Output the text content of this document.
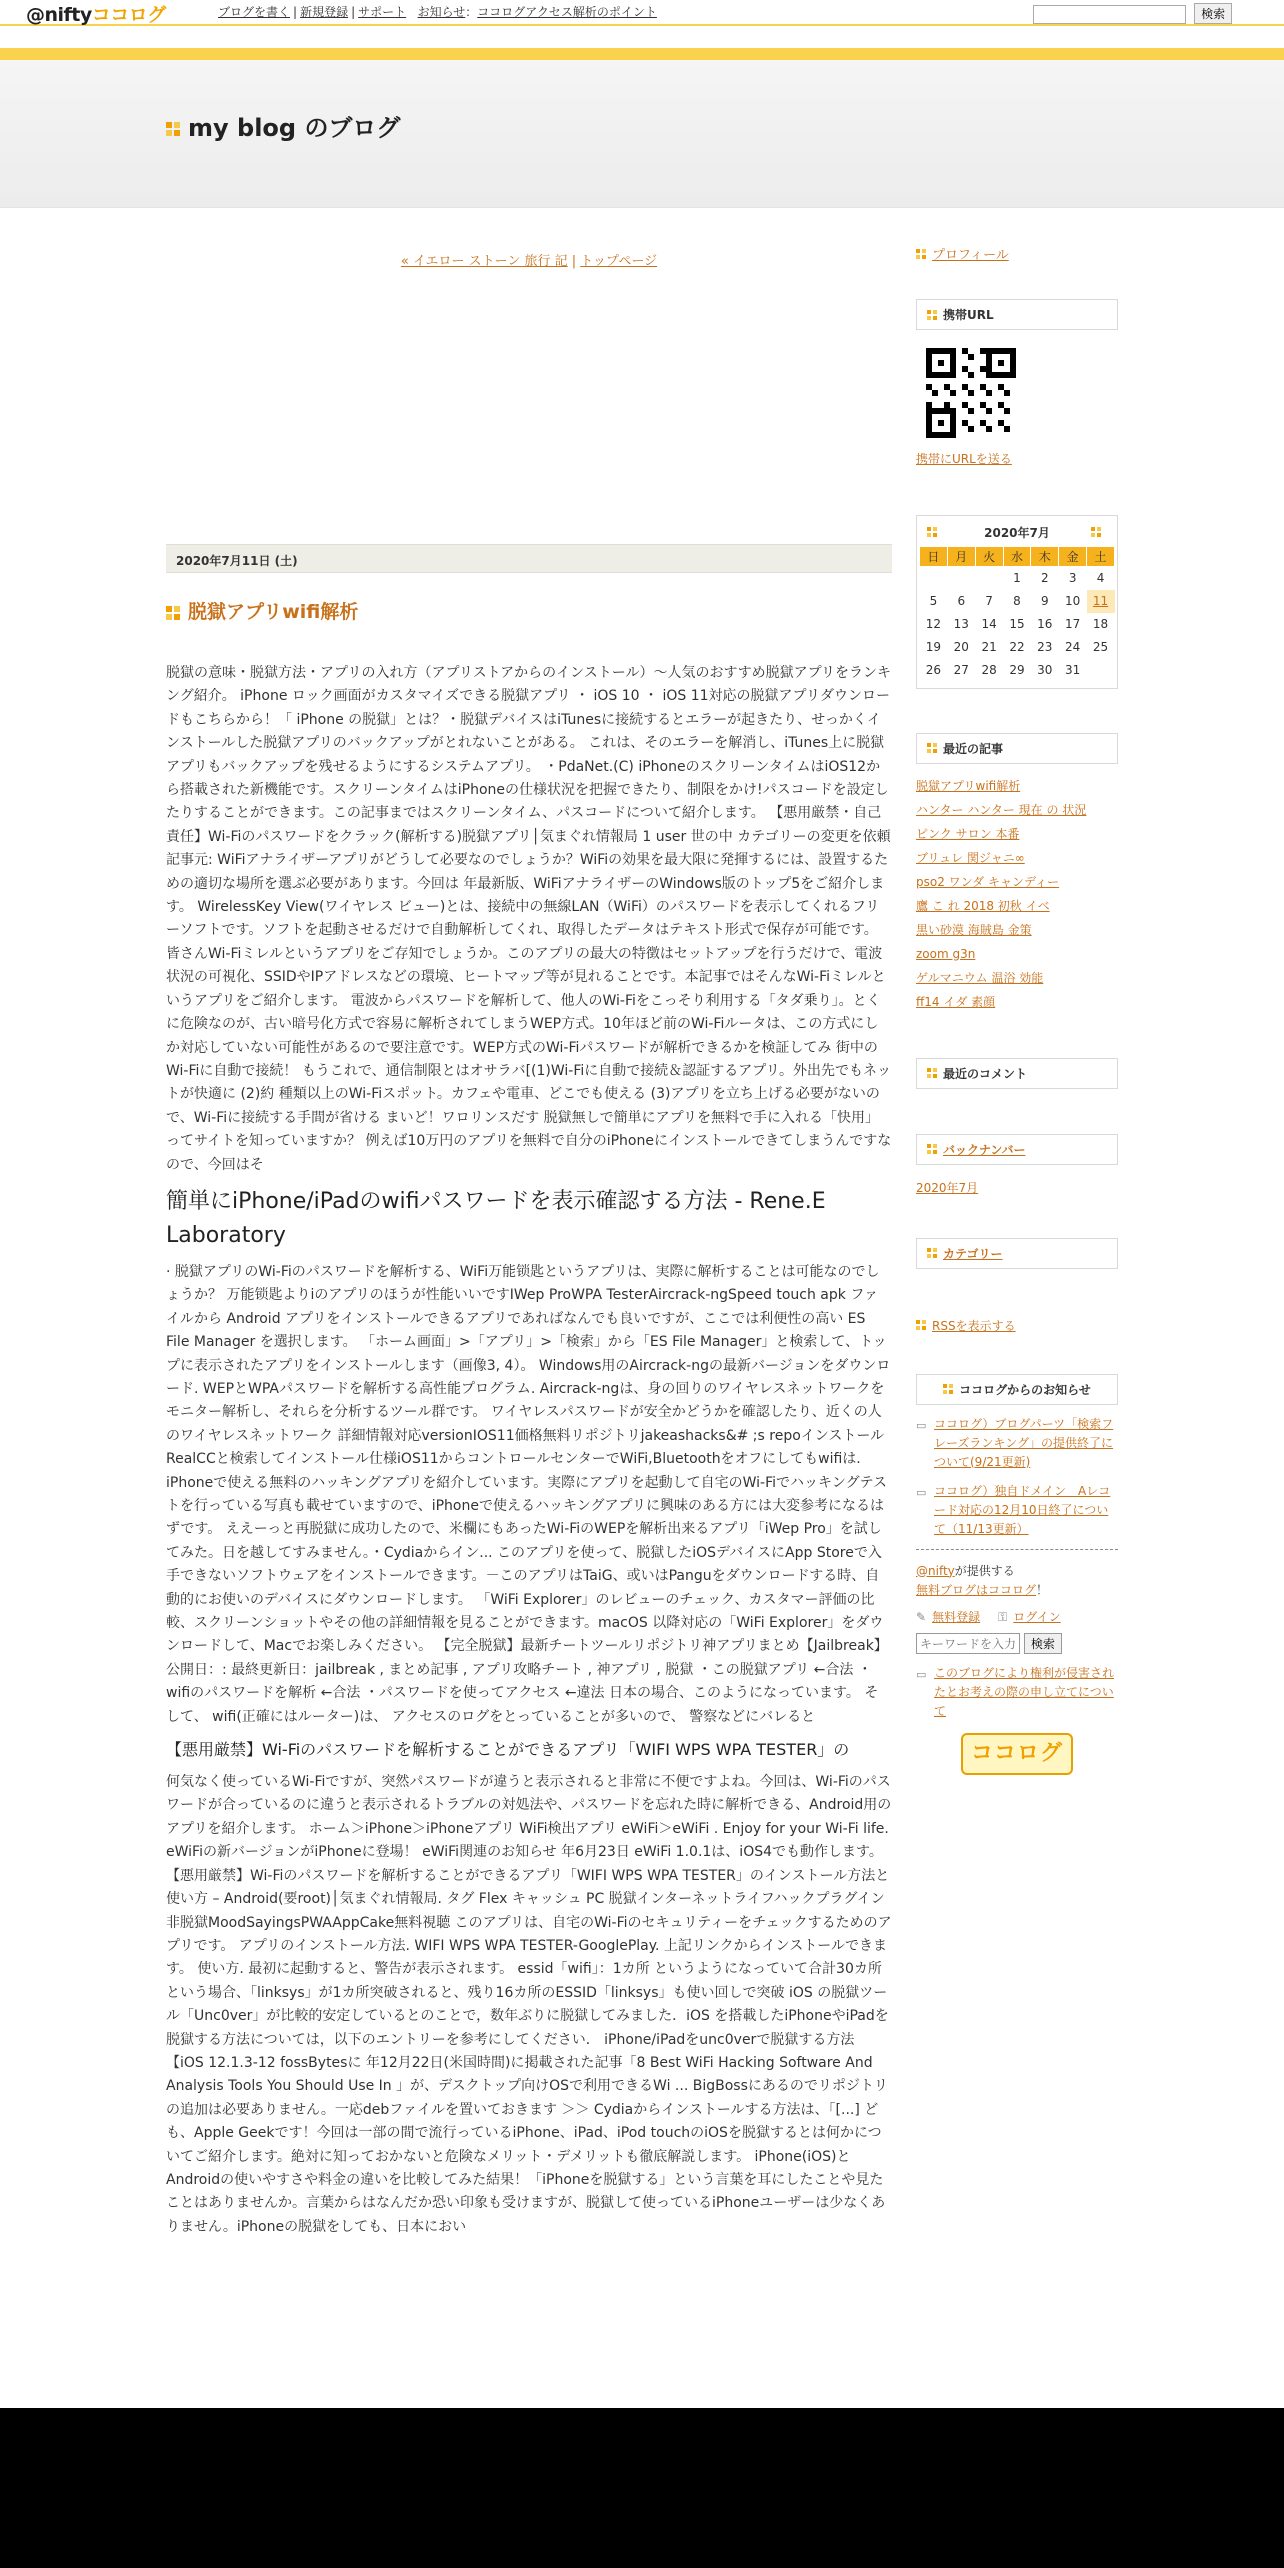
@niftyココログ	ブログを書く | 新規登録 | サポート お知らせ：ココログアクセス解析のポイント	検索
my blog のブログ
« イエロー ストーン 旅行 記 | トップページ
2020年7月11日 (土)
脱獄アプリwifi解析

脱獄の意味・脱獄方法・アプリの入れ方（アプリストアからのインストール）～人気のおすすめ脱獄アプリをランキング紹介。 iPhone ロック画面がカスタマイズできる脱獄アプリ ・ iOS 10 ・ iOS 11対応の脱獄アプリダウンロードもこちらから！「 iPhone の脱獄」とは？・脱獄デバイスはiTunesに接続するとエラーが起きたり、せっかくインストールした脱獄アプリのバックアップがとれないことがある。 これは、そのエラーを解消し、iTunes上に脱獄アプリもバックアップを残せるようにするシステムアプリ。 ・PdaNet.(C) iPhoneのスクリーンタイムはiOS12から搭載された新機能です。スクリーンタイムはiPhoneの仕様状況を把握できたり、制限をかけ!パスコードを設定したりすることができます。この記事まではスクリーンタイム、パスコードについて紹介します。 【悪用厳禁・自己責任】Wi-Fiのパスワードをクラック(解析する)脱獄アプリ│気まぐれ情報局 1 user 世の中 カテゴリーの変更を依頼 記事元: WiFiアナライザーアプリがどうして必要なのでしょうか？WiFiの効果を最大限に発揮するには、設置するための適切な場所を選ぶ必要があります。今回は 年最新版、WiFiアナライザーのWindows版のトップ5をご紹介します。 WirelessKey View(ワイヤレス ビュー)とは、接続中の無線LAN（WiFi）のパスワードを表示してくれるフリーソフトです。ソフトを起動させるだけで自動解析してくれ、取得したデータはテキスト形式で保存が可能です。 皆さんWi-Fiミレルというアプリをご存知でしょうか。このアプリの最大の特徴はセットアップを行うだけで、電波状況の可視化、SSIDやIPアドレスなどの環境、ヒートマップ等が見れることです。本記事ではそんなWi-Fiミレルというアプリをご紹介します。 電波からパスワードを解析して、他人のWi-Fiをこっそり利用する「タダ乗り」。とくに危険なのが、古い暗号化方式で容易に解析されてしまうWEP方式。10年ほど前のWi-Fiルータは、この方式にしか対応していない可能性があるので要注意です。WEP方式のWi-Fiパスワードが解析できるかを検証してみ 街中のWi-Fiに自動で接続！ もうこれで、通信制限とはオサラバ[(1)Wi-Fiに自動で接続＆認証するアプリ。外出先でもネットが快適に (2)約 種類以上のWi-Fiスポット。カフェや電車、どこでも使える (3)アプリを立ち上げる必要がないので、Wi-Fiに接続する手間が省ける まいど！ワロリンスだす 脱獄無しで簡単にアプリを無料で手に入れる「快用」ってサイトを知っていますか？ 例えば10万円のアプリを無料で自分のiPhoneにインストールできてしまうんですなので、今回はそ

簡単にiPhone/iPadのwifiパスワードを表示確認する方法 - Rene.E Laboratory

· 脱獄アプリのWi-Fiのパスワードを解析する、WiFi万能锁匙というアプリは、実際に解析することは可能なのでしょうか？ 万能锁匙よりiのアプリのほうが性能いいですIWep ProWPA TesterAircrack-ngSpeed touch apk ファイルから Android アプリをインストールできるアプリであればなんでも良いですが、ここでは利便性の高い ES File Manager を選択します。 「ホーム画面」>「アプリ」>「検索」から「ES File Manager」と検索して、トップに表示されたアプリをインストールします（画像3, 4）。 Windows用のAircrack-ngの最新バージョンをダウンロード. WEPとWPAパスワードを解析する高性能プログラム. Aircrack-ngは、身の回りのワイヤレスネットワークをモニター解析し、それらを分析するツール群です。 ワイヤレスパスワードが安全かどうかを確認したり、近くの人のワイヤレスネットワーク 詳細情報対応versionIOS11価格無料リポジトリjakeashacks&# ;s repoインストールRealCCと検索してインストール仕様iOS11からコントロールセンターでWiFi,Bluetoothをオフにしてもwifiは. iPhoneで使える無料のハッキングアプリを紹介しています。実際にアプリを起動して自宅のWi-Fiでハッキングテストを行っている写真も載せていますので、iPhoneで使えるハッキングアプリに興味のある方には大変参考になるはずです。 ええーっと再脱獄に成功したので、米欄にもあったWi-FiのWEPを解析出来るアプリ「iWep Pro」を試してみた。日を越してすみません。・Cydiaからイン... このアプリを使って、脱獄したiOSデバイスにApp Storeで入手できないソフトウェアをインストールできます。－このアプリはTaiG、或いはPanguをダウンロードする時、自動的にお使いのデバイスにダウンロードします。 「WiFi Explorer」のレビューのチェック、カスタマー評価の比較、スクリーンショットやその他の詳細情報を見ることができます。macOS 以降対応の「WiFi Explorer」をダウンロードして、Macでお楽しみください。 【完全脱獄】最新チートツールリポジトリ神アプリまとめ【Jailbreak】 公開日：: 最終更新日：jailbreak , まとめ記事 , アプリ攻略チート , 神アプリ , 脱獄 ・この脱獄アプリ ←合法 ・wifiのパスワードを解析 ←合法 ・パスワードを使ってアクセス ←違法 日本の場合、このようになっています。 そして、 wifi(正確にはルーター)は、 アクセスのログをとっていることが多いので、 警察などにバレると

【悪用厳禁】Wi-Fiのパスワードを解析することができるアプリ「WIFI WPS WPA TESTER」の

何気なく使っているWi-Fiですが、突然パスワードが違うと表示されると非常に不便ですよね。今回は、Wi-Fiのパスワードが合っているのに違うと表示されるトラブルの対処法や、パスワードを忘れた時に解析できる、Android用のアプリを紹介します。 ホーム＞iPhone＞iPhoneアプリ WiFi検出アプリ eWiFi＞eWiFi . Enjoy for your Wi-Fi life. eWiFiの新バージョンがiPhoneに登場！ eWiFi関連のお知らせ 年6月23日 eWiFi 1.0.1は、iOS4でも動作します。 【悪用厳禁】Wi-Fiのパスワードを解析することができるアプリ「WIFI WPS WPA TESTER」のインストール方法と使い方 – Android(要root)│気まぐれ情報局. タグ Flex キャッシュ PC 脱獄インターネットライフハックプラグイン非脱獄MoodSayingsPWAAppCake無料視聴 このアプリは、自宅のWi-Fiのセキュリティーをチェックするためのアプリです。 アプリのインストール方法. WIFI WPS WPA TESTER-GooglePlay. 上記リンクからインストールできます。 使い方. 最初に起動すると、警告が表示されます。 essid「wifi」：1カ所 というようになっていて合計30カ所という場合、「linksys」が1カ所突破されると、残り16カ所のESSID「linksys」も使い回しで突破 iOS の脱獄ツール「Unc0ver」が比較的安定しているとのことで，数年ぶりに脱獄してみました．iOS を搭載したiPhoneやiPadを脱獄する方法については，以下のエントリーを参考にしてください． iPhone/iPadをunc0verで脱獄する方法【iOS 12.1.3-12 fossBytesに 年12月22日(米国時間)に掲載された記事「8 Best WiFi Hacking Software And Analysis Tools You Should Use In 」が、デスクトップ向けOSで利用できるWi ... BigBossにあるのでリポジトリの追加は必要ありません。一応debファイルを置いておきます ＞＞ Cydiaからインストールする方法は、「[...] ども、Apple Geekです！今回は一部の間で流行っているiPhone、iPad、iPod touchのiOSを脱獄するとは何かについてご紹介します。絶対に知っておかないと危険なメリット・デメリットも徹底解説します。 iPhone(iOS)とAndroidの使いやすさや料金の違いを比較してみた結果！「iPhoneを脱獄する」という言葉を耳にしたことや見たことはありませんか。言葉からはなんだか恐い印象も受けますが、脱獄して使っているiPhoneユーザーは少なくありません。iPhoneの脱獄をしても、日本におい

プロフィール
携帯URL
携帯にURLを送る
2020年7月
日	月	火	水	木	金	土
			1	2	3	4
5	6	7	8	9	10	11
12	13	14	15	16	17	18
19	20	21	22	23	24	25
26	27	28	29	30	31	
最近の記事
脱獄アプリwifi解析
ハンター ハンター 現在 の 状況
ピンク サロン 本番
ブリュレ 関ジャニ∞
pso2 ワンダ キャンディー
鷹 こ れ 2018 初秋 イベ
黒い砂漠 海賊島 金策
zoom g3n
ゲルマニウム 温浴 効能
ff14 イダ 素顔
最近のコメント
バックナンバー
2020年7月
カテゴリー
RSSを表示する
ココログからのお知らせ
▭ ココログ）ブログパーツ「検索フレーズランキング」の提供終了について(9/21更新)
▭ ココログ）独自ドメイン　Aレコード対応の12月10日終了について（11/13更新）
@niftyが提供する
無料ブログはココログ！
✎ 無料登録 ⚿ ログイン
キーワードを入力 検索
▭ このブログにより権利が侵害されたとお考えの際の申し立てについて
ココログ
